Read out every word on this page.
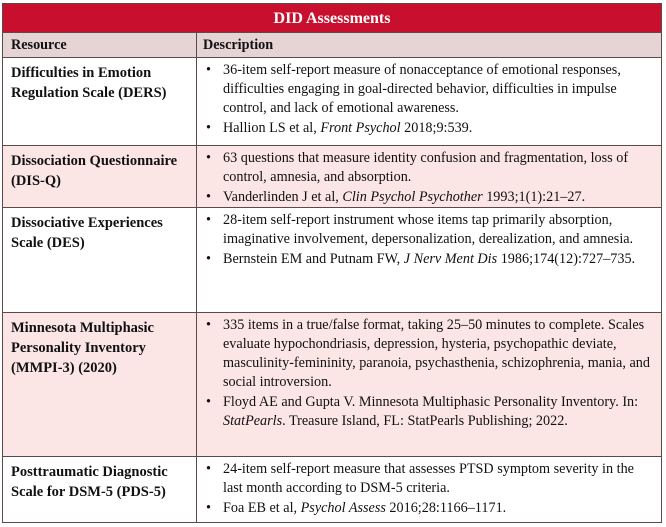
DID Assessments
Resource	Description
Difficulties in Emotion Regulation Scale (DERS)
• 36-item self-report measure of nonacceptance of emotional responses, difficulties engaging in goal-directed behavior, difficulties in impulse control, and lack of emotional awareness.
• Hallion LS et al, Front Psychol 2018;9:539.
Dissociation Questionnaire (DIS-Q)
• 63 questions that measure identity confusion and fragmentation, loss of control, amnesia, and absorption.
• Vanderlinden J et al, Clin Psychol Psychother 1993;1(1):21–27.
Dissociative Experiences Scale (DES)
• 28-item self-report instrument whose items tap primarily absorption, imaginative involvement, depersonalization, derealization, and amnesia.
• Bernstein EM and Putnam FW, J Nerv Ment Dis 1986;174(12):727–735.
Minnesota Multiphasic Personality Inventory (MMPI-3) (2020)
• 335 items in a true/false format, taking 25–50 minutes to complete. Scales evaluate hypochondriasis, depression, hysteria, psychopathic deviate, masculinity-femininity, paranoia, psychasthenia, schizophrenia, mania, and social introversion.
• Floyd AE and Gupta V. Minnesota Multiphasic Personality Inventory. In: StatPearls. Treasure Island, FL: StatPearls Publishing; 2022.
Posttraumatic Diagnostic Scale for DSM-5 (PDS-5)
• 24-item self-report measure that assesses PTSD symptom severity in the last month according to DSM-5 criteria.
• Foa EB et al, Psychol Assess 2016;28:1166–1171.
